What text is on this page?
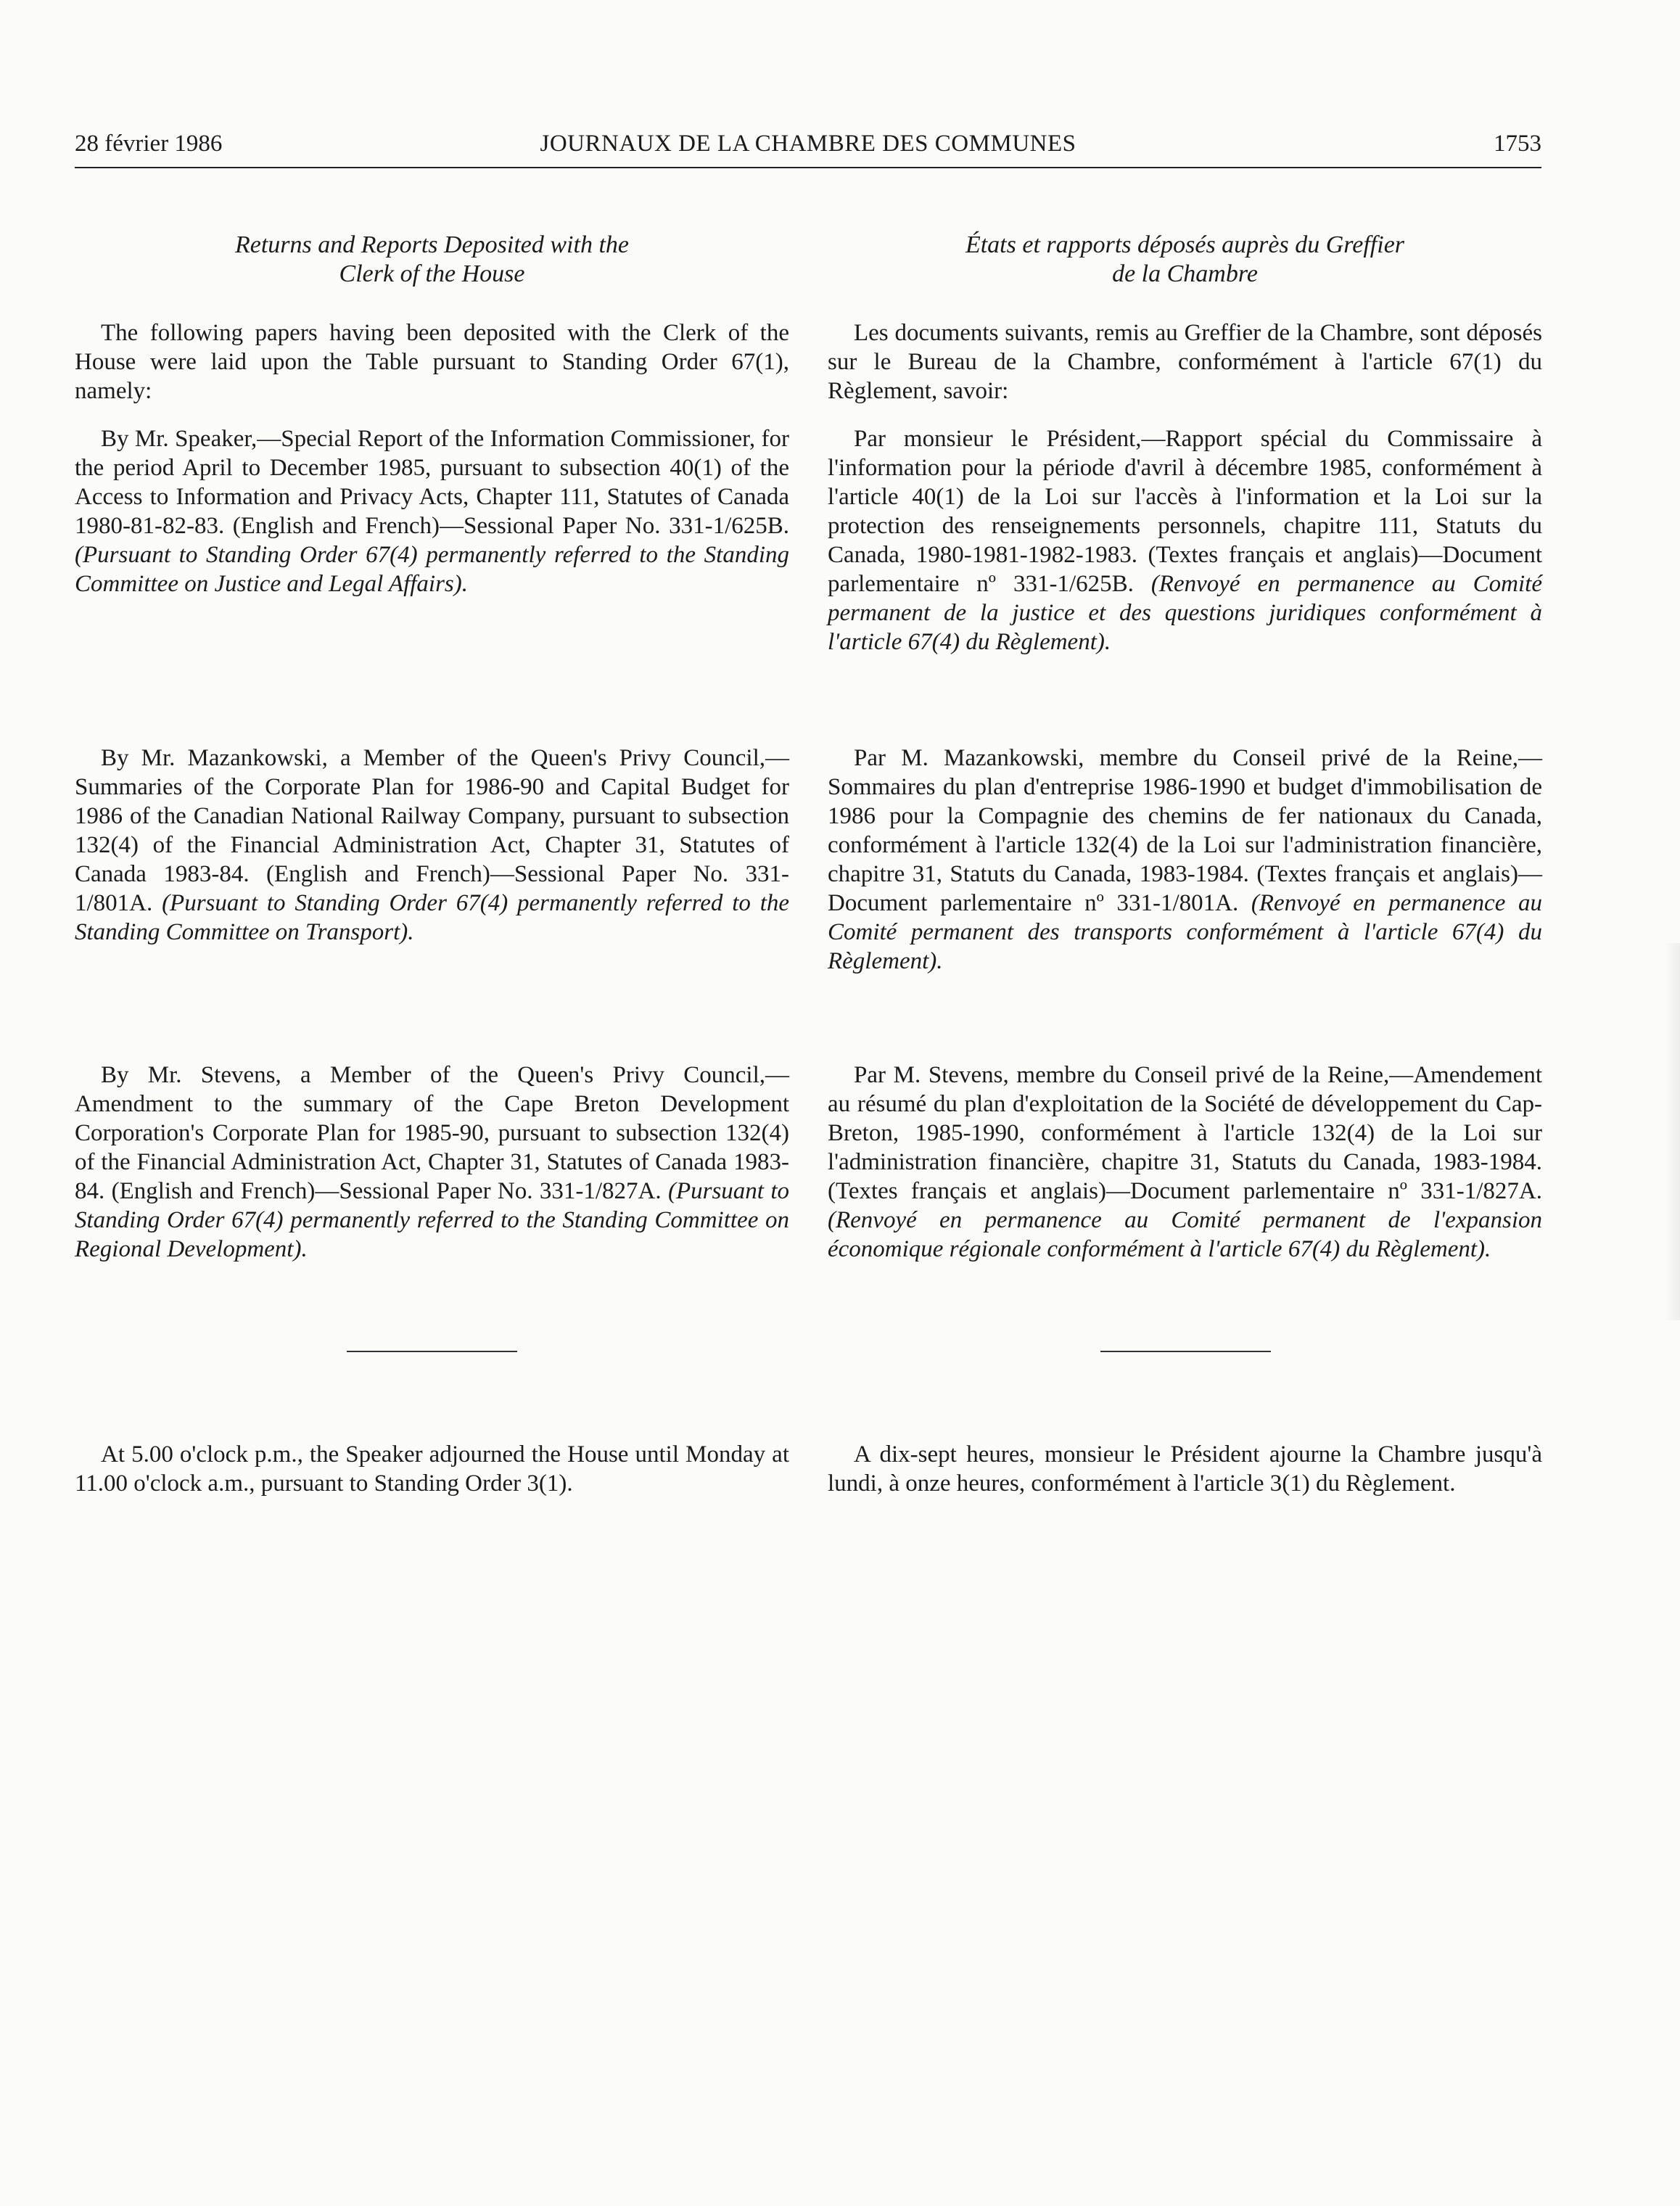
28 février 1986	JOURNAUX DE LA CHAMBRE DES COMMUNES	1753
Returns and Reports Deposited with the
Clerk of the House

The following papers having been deposited with the Clerk of the House were laid upon the Table pursuant to Standing Order 67(1), namely:

By Mr. Speaker,—Special Report of the Information Commissioner, for the period April to December 1985, pursuant to subsection 40(1) of the Access to Information and Privacy Acts, Chapter 111, Statutes of Canada 1980-81-82-83. (English and French)—Sessional Paper No. 331-1/625B. (Pursuant to Standing Order 67(4) permanently referred to the Standing Committee on Justice and Legal Affairs).

By Mr. Mazankowski, a Member of the Queen's Privy Council,—Summaries of the Corporate Plan for 1986-90 and Capital Budget for 1986 of the Canadian National Railway Company, pursuant to subsection 132(4) of the Financial Administration Act, Chapter 31, Statutes of Canada 1983-84. (English and French)—Sessional Paper No. 331-1/801A. (Pursuant to Standing Order 67(4) permanently referred to the Standing Committee on Transport).

By Mr. Stevens, a Member of the Queen's Privy Council,—Amendment to the summary of the Cape Breton Development Corporation's Corporate Plan for 1985-90, pursuant to subsection 132(4) of the Financial Administration Act, Chapter 31, Statutes of Canada 1983-84. (English and French)—Sessional Paper No. 331-1/827A. (Pursuant to Standing Order 67(4) permanently referred to the Standing Committee on Regional Development).

At 5.00 o'clock p.m., the Speaker adjourned the House until Monday at 11.00 o'clock a.m., pursuant to Standing Order 3(1).

États et rapports déposés auprès du Greffier
de la Chambre

Les documents suivants, remis au Greffier de la Chambre, sont déposés sur le Bureau de la Chambre, conformément à l'article 67(1) du Règlement, savoir:

Par monsieur le Président,—Rapport spécial du Commissaire à l'information pour la période d'avril à décembre 1985, conformément à l'article 40(1) de la Loi sur l'accès à l'information et la Loi sur la protection des renseignements personnels, chapitre 111, Statuts du Canada, 1980-1981-1982-1983. (Textes français et anglais)—Document parlementaire nº 331-1/625B. (Renvoyé en permanence au Comité permanent de la justice et des questions juridiques conformément à l'article 67(4) du Règlement).

Par M. Mazankowski, membre du Conseil privé de la Reine,—Sommaires du plan d'entreprise 1986-1990 et budget d'immobilisation de 1986 pour la Compagnie des chemins de fer nationaux du Canada, conformément à l'article 132(4) de la Loi sur l'administration financière, chapitre 31, Statuts du Canada, 1983-1984. (Textes français et anglais)—Document parlementaire nº 331-1/801A. (Renvoyé en permanence au Comité permanent des transports conformément à l'article 67(4) du Règlement).

Par M. Stevens, membre du Conseil privé de la Reine,—Amendement au résumé du plan d'exploitation de la Société de développement du Cap-Breton, 1985-1990, conformément à l'article 132(4) de la Loi sur l'administration financière, chapitre 31, Statuts du Canada, 1983-1984. (Textes français et anglais)—Document parlementaire nº 331-1/827A. (Renvoyé en permanence au Comité permanent de l'expansion économique régionale conformément à l'article 67(4) du Règlement).

A dix-sept heures, monsieur le Président ajourne la Chambre jusqu'à lundi, à onze heures, conformément à l'article 3(1) du Règlement.
